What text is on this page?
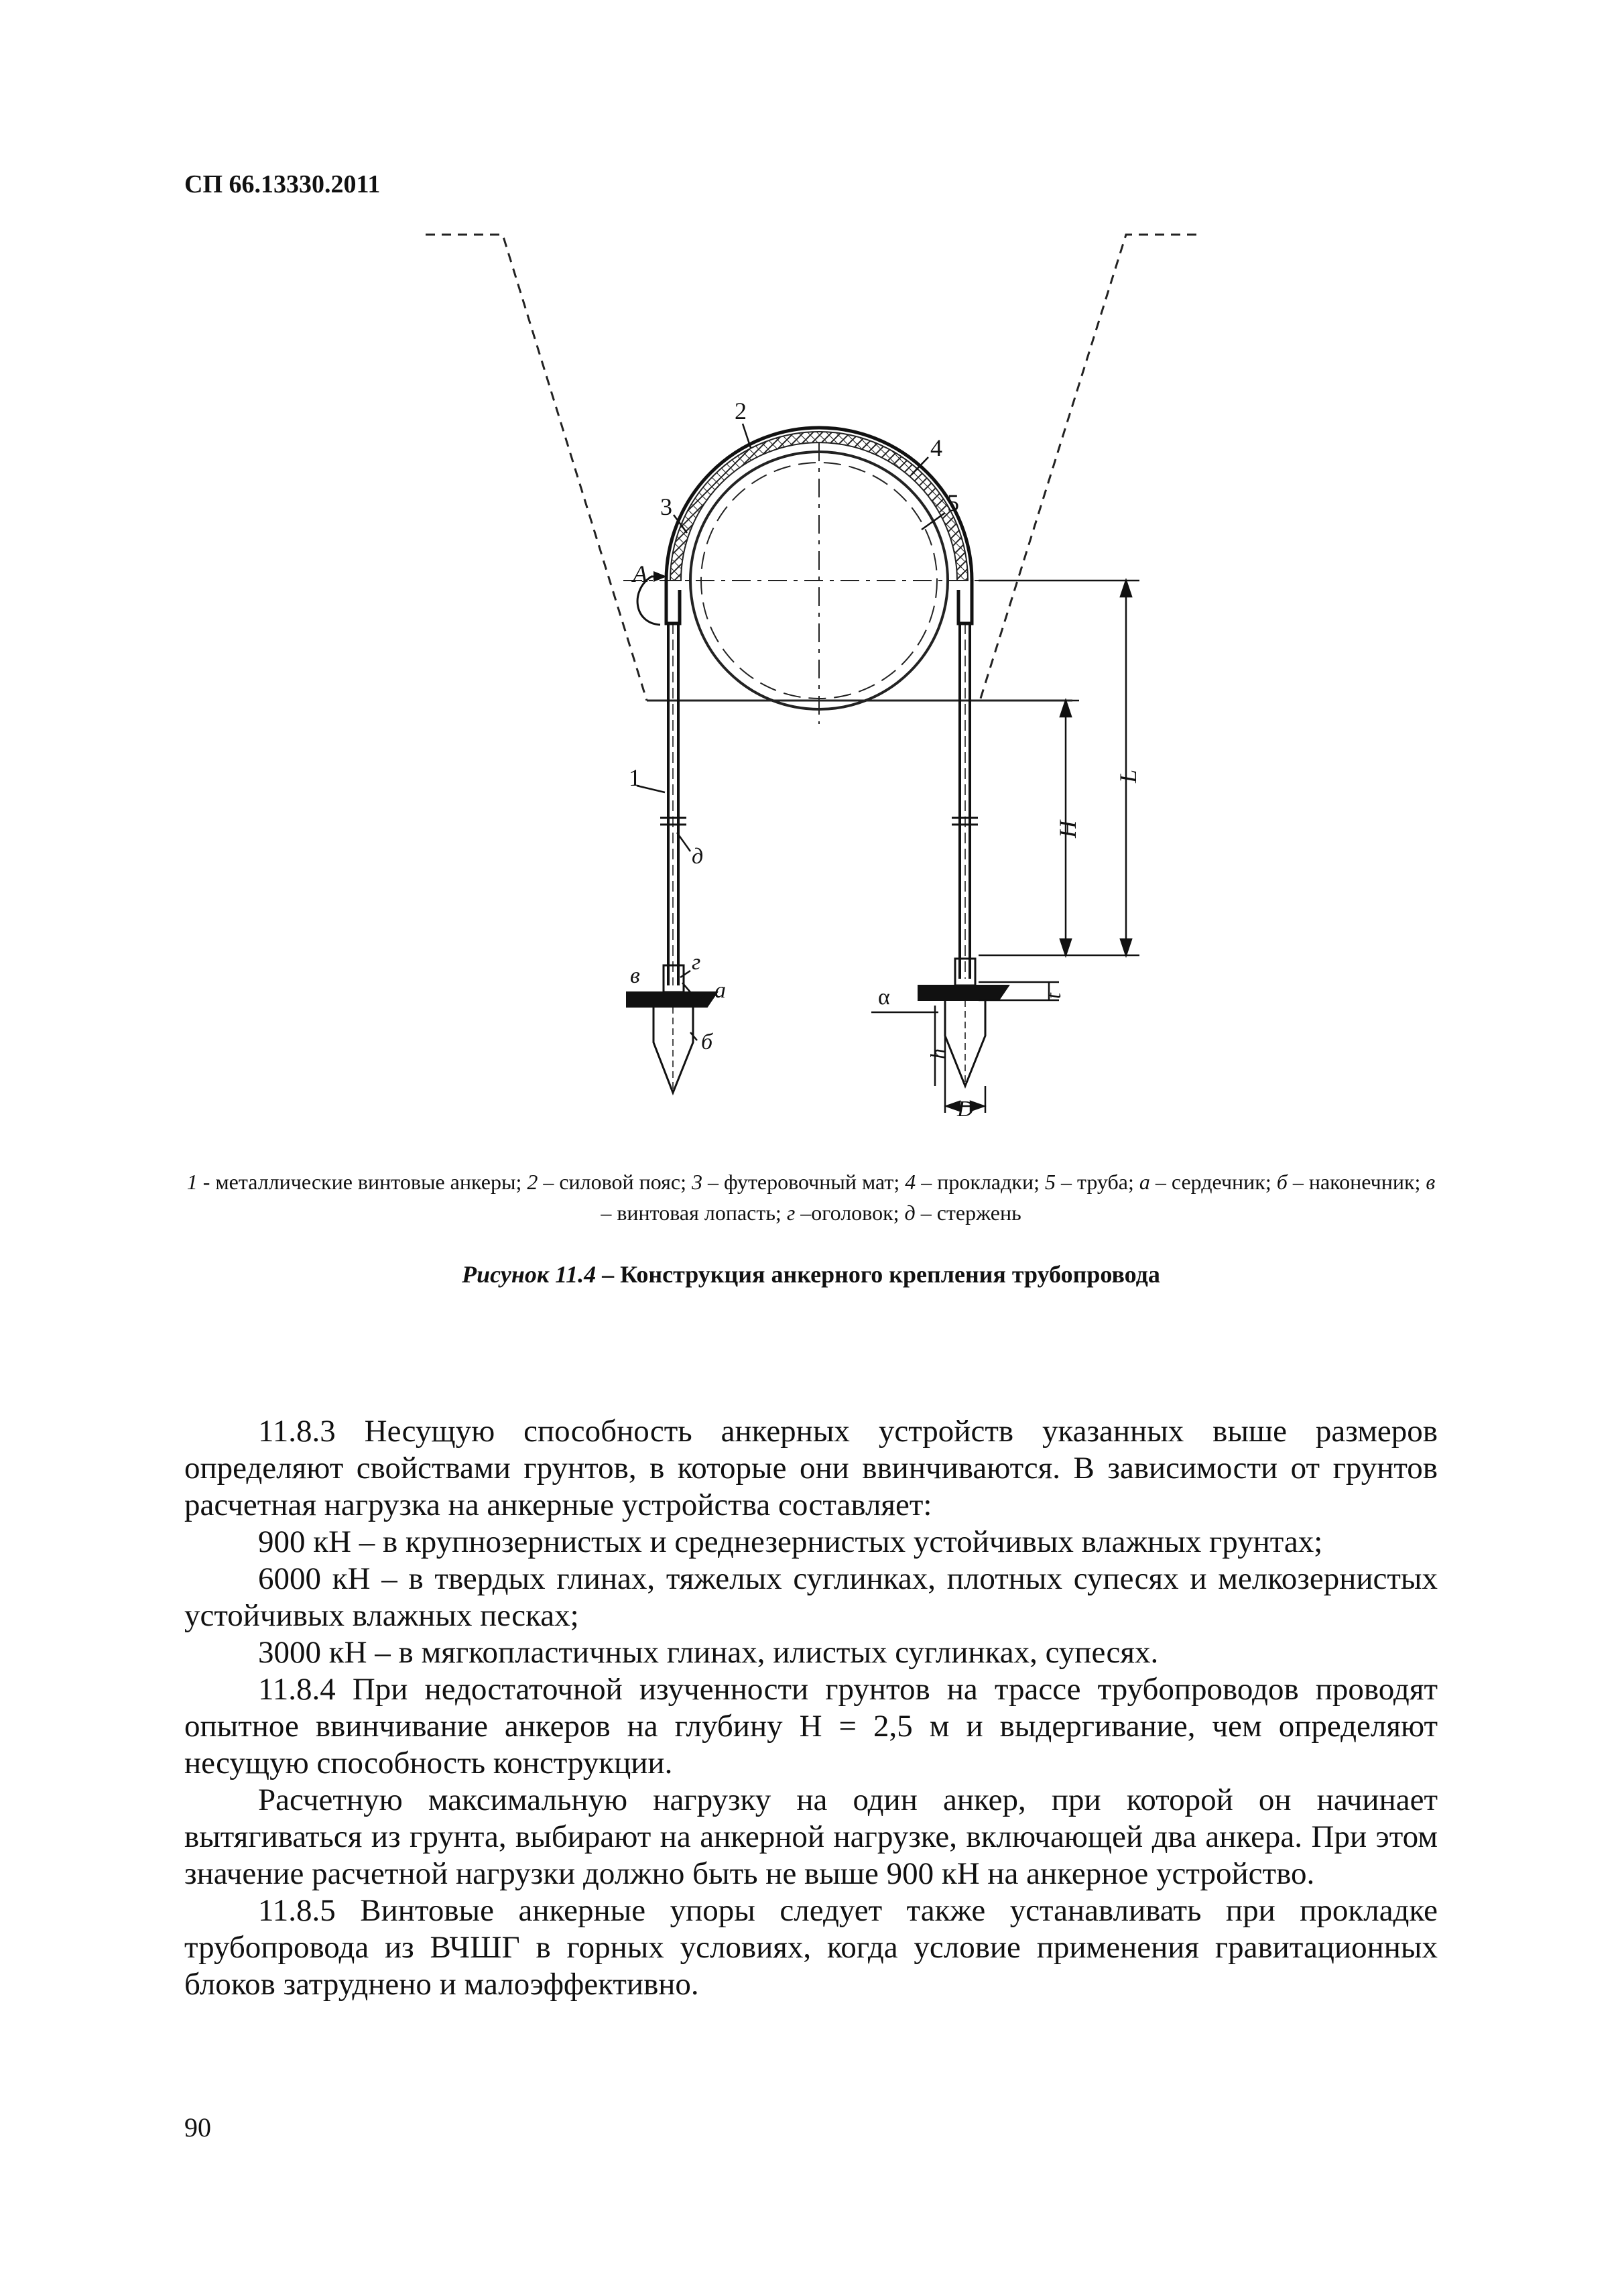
СП 66.13330.2011
1
2
3
4
5
д
г
в
а
б
α
А
L
H
t
h
D
1 - металлические винтовые анкеры; 2 – силовой пояс; 3 – футеровочный мат; 4 – прокладки; 5 – труба; а – сердечник; б – наконечник; в – винтовая лопасть; г –оголовок; д – стержень
Рисунок 11.4 – Конструкция анкерного крепления трубопровода

11.8.3 Несущую способность анкерных устройств указанных выше размеров определяют свойствами грунтов, в которые они ввинчиваются. В зависимости от грунтов расчетная нагрузка на анкерные устройства составляет:

900 кН – в крупнозернистых и среднезернистых устойчивых влажных грунтах;

6000 кН – в твердых глинах, тяжелых суглинках, плотных супесях и мелкозернистых устойчивых влажных песках;

3000 кН – в мягкопластичных глинах, илистых суглинках, супесях.

11.8.4 При недостаточной изученности грунтов на трассе трубопроводов проводят опытное ввинчивание анкеров на глубину H = 2,5 м и выдергивание, чем определяют несущую способность конструкции.

Расчетную максимальную нагрузку на один анкер, при которой он начинает вытягиваться из грунта, выбирают на анкерной нагрузке, включающей два анкера. При этом значение расчетной нагрузки должно быть не выше 900 кН на анкерное устройство.

11.8.5 Винтовые анкерные упоры следует также устанавливать при прокладке трубопровода из ВЧШГ в горных условиях, когда условие применения гравитационных блоков затруднено и малоэффективно.

90
